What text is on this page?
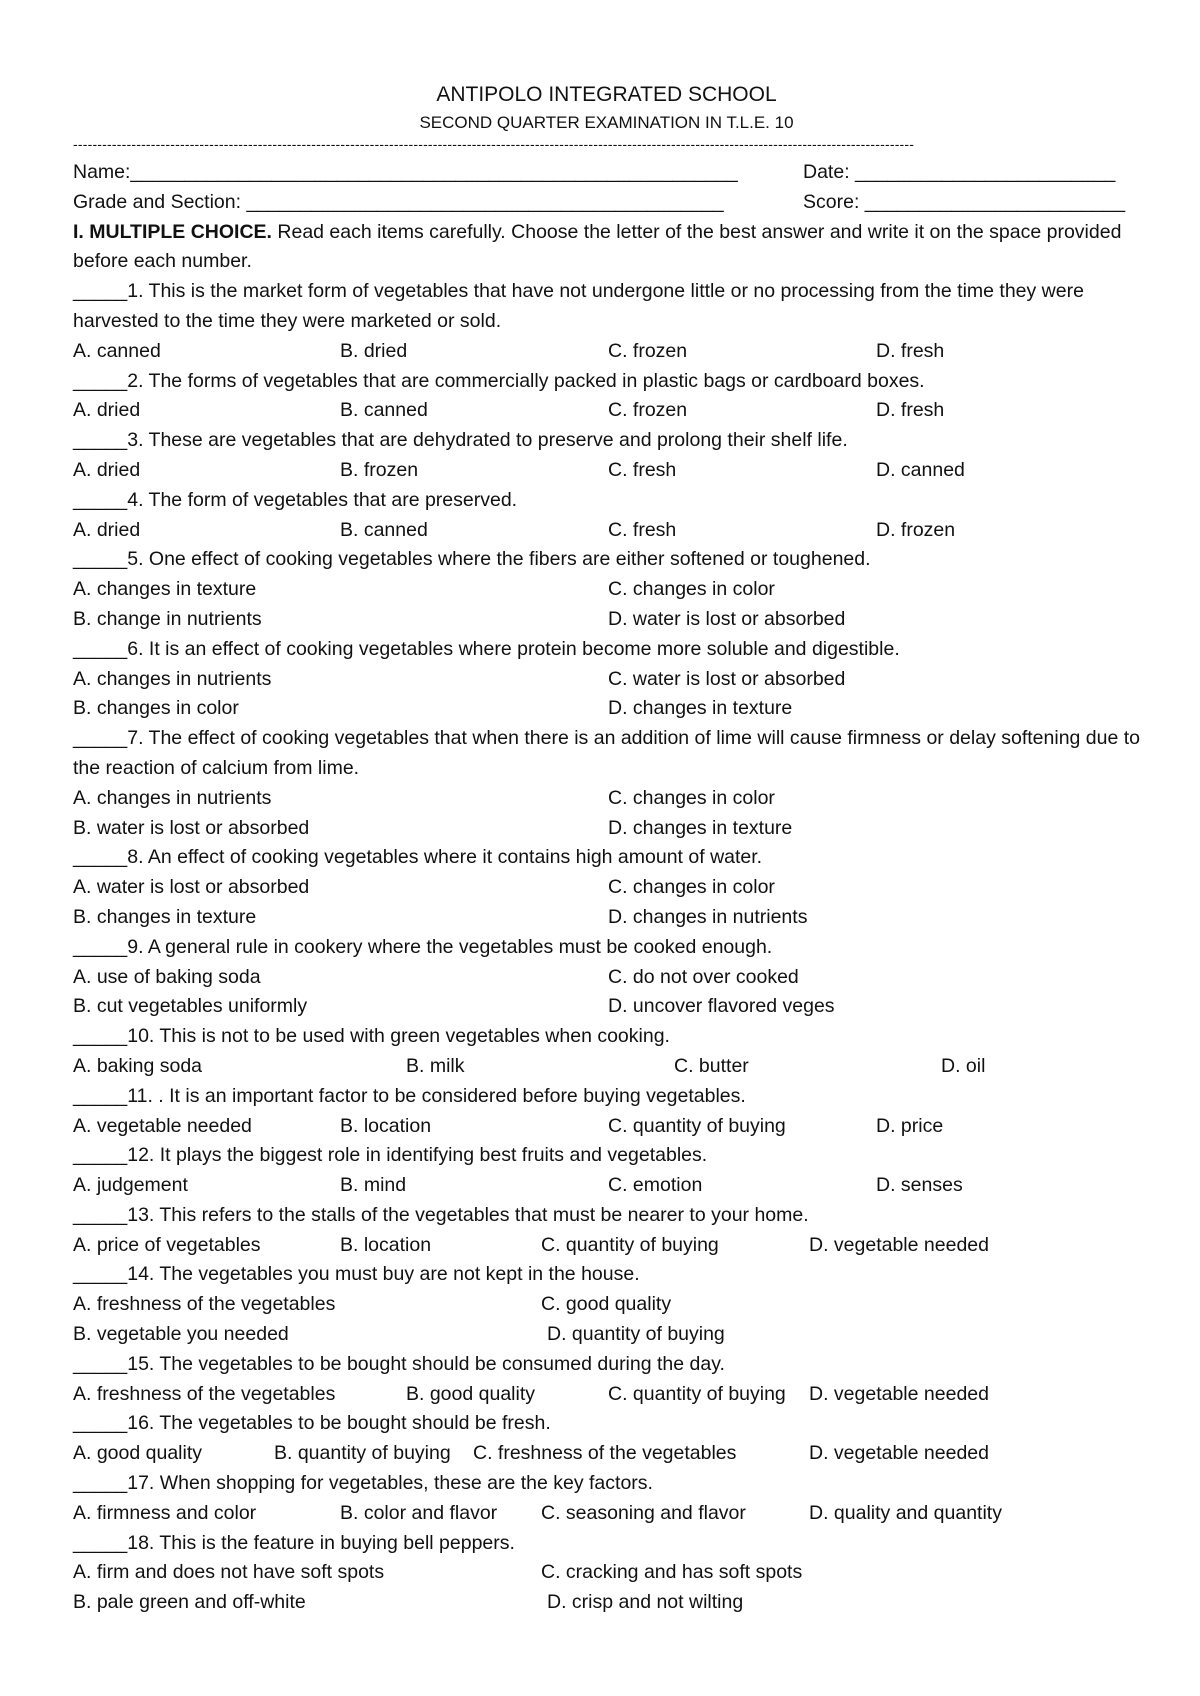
ANTIPOLO INTEGRATED SCHOOL
SECOND QUARTER EXAMINATION IN T.L.E. 10
-----------------------------------------------------------------------------------------------------------------------------------------------------------------------------
Name:________________________________________________________	Date: ________________________
Grade and Section: ____________________________________________	Score: ________________________
I. MULTIPLE CHOICE. Read each items carefully. Choose the letter of the best answer and write it on the space provided before each number.
_____1. This is the market form of vegetables that have not undergone little or no processing from the time they were harvested to the time they were marketed or sold.
A. canned	B. dried	C. frozen	D. fresh
_____2. The forms of vegetables that are commercially packed in plastic bags or cardboard boxes.
A. dried	B. canned	C. frozen	D. fresh
_____3. These are vegetables that are dehydrated to preserve and prolong their shelf life.
A. dried	B. frozen	C. fresh	D. canned
_____4. The form of vegetables that are preserved.
A. dried	B. canned	C. fresh	D. frozen
_____5. One effect of cooking vegetables where the fibers are either softened or toughened.
A. changes in texture	C. changes in color
B. change in nutrients	D. water is lost or absorbed
_____6. It is an effect of cooking vegetables where protein become more soluble and digestible.
A. changes in nutrients	C. water is lost or absorbed
B. changes in color	D. changes in texture
_____7. The effect of cooking vegetables that when there is an addition of lime will cause firmness or delay softening due to the reaction of calcium from lime.
A. changes in nutrients	C. changes in color
B. water is lost or absorbed	D. changes in texture
_____8. An effect of cooking vegetables where it contains high amount of water.
A. water is lost or absorbed	C. changes in color
B. changes in texture	D. changes in nutrients
_____9. A general rule in cookery where the vegetables must be cooked enough.
A. use of baking soda	C. do not over cooked
B. cut vegetables uniformly	D. uncover flavored veges
_____10. This is not to be used with green vegetables when cooking.
A. baking soda	B. milk	C. butter	D. oil
_____11. . It is an important factor to be considered before buying vegetables.
A. vegetable needed	B. location	C. quantity of buying	D. price
_____12. It plays the biggest role in identifying best fruits and vegetables.
A. judgement	B. mind	C. emotion	D. senses
_____13. This refers to the stalls of the vegetables that must be nearer to your home.
A. price of vegetables	B. location	C. quantity of buying	D. vegetable needed
_____14. The vegetables you must buy are not kept in the house.
A. freshness of the vegetables	C. good quality
B. vegetable you needed	D. quantity of buying
_____15. The vegetables to be bought should be consumed during the day.
A. freshness of the vegetables	B. good quality	C. quantity of buying D. vegetable needed
_____16. The vegetables to be bought should be fresh.
A. good quality	B. quantity of buying C. freshness of the vegetables	D. vegetable needed
_____17. When shopping for vegetables, these are the key factors.
A. firmness and color	B. color and flavor C. seasoning and flavor	D. quality and quantity
_____18. This is the feature in buying bell peppers.
A. firm and does not have soft spots	C. cracking and has soft spots
B. pale green and off-white	D. crisp and not wilting
